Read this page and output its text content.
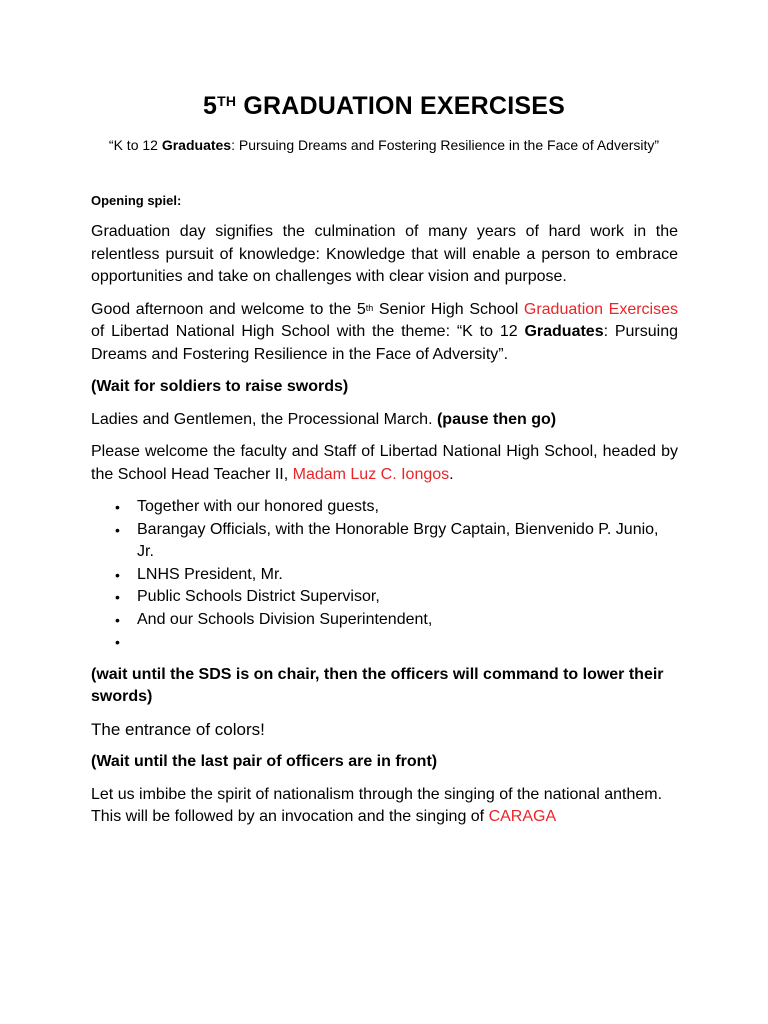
5TH GRADUATION EXERCISES
“K to 12 Graduates: Pursuing Dreams and Fostering Resilience in the Face of Adversity”
Opening spiel:

Graduation day signifies the culmination of many years of hard work in the relentless pursuit of knowledge: Knowledge that will enable a person to embrace opportunities and take on challenges with clear vision and purpose.

Good afternoon and welcome to the 5th Senior High School Graduation Exercises of Libertad National High School with the theme: “K to 12 Graduates: Pursuing Dreams and Fostering Resilience in the Face of Adversity”.

(Wait for soldiers to raise swords)

Ladies and Gentlemen, the Processional March. (pause then go)

Please welcome the faculty and Staff of Libertad National High School, headed by the School Head Teacher II, Madam Luz C. Iongos.

• Together with our honored guests,
• Barangay Officials, with the Honorable Brgy Captain, Bienvenido P. Junio, Jr.
• LNHS President, Mr.
• Public Schools District Supervisor,
• And our Schools Division Superintendent,
•

(wait until the SDS is on chair, then the officers will command to lower their swords)

The entrance of colors!

(Wait until the last pair of officers are in front)

Let us imbibe the spirit of nationalism through the singing of the national anthem. This will be followed by an invocation and the singing of CARAGA
